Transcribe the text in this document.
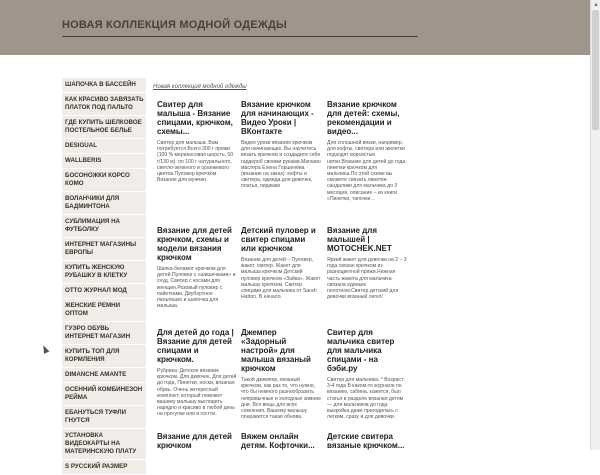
НОВАЯ КОЛЛЕКЦИЯ МОДНОЙ ОДЕЖДЫ
▲
ШАПОЧКА В БАССЕЙН
КАК КРАСИВО ЗАВЯЗАТЬ ПЛАТОК ПОД ПАЛЬТО
ГДЕ КУПИТЬ ШЕЛКОВОЕ ПОСТЕЛЬНОЕ БЕЛЬЕ
DESIGUAL
WALLBERIS
БОСОНОЖКИ КОРСО КОМО
ВОЛАНЧИКИ ДЛЯ БАДМИНТОНА
СУБЛИМАЦИЯ НА ФУТБОЛКУ
ИНТЕРНЕТ МАГАЗИНЫ ЕВРОПЫ
КУПИТЬ ЖЕНСКУЮ РУБАШКУ В КЛЕТКУ
ОТТО ЖУРНАЛ МОД
ЖЕНСКИЕ РЕМНИ ОПТОМ
ГУЭРО ОБУВЬ ИНТЕРНЕТ МАГАЗИН
КУПИТЬ ТОП ДЛЯ КОРМЛЕНИЯ
DIMANCHE AMANTE
ОСЕННИЙ КОМБИНЕЗОН РЕЙМА
ЕБАНУТЬСЯ ТУФЛИ ГНУТСЯ
УСТАНОВКА ВИДЕОКАРТЫ НА МАТЕРИНСКУЮ ПЛАТУ
S РУССКИЙ РАЗМЕР
Новая коллекция модной одежды
Свитер для малыша - Вязание спицами, крючком, схемы...
Свитер для малыша. Вам потребуется Всего 300 г пряжи (100 % мериносовая шерсть, 50 г/130 м): по 100 г натурального, светло-зеленого и оранжевого цветов.Пуловер крючком Вязание для мужчин.
Вязание крючком для начинающих - Видео Уроки | ВКонтакте
Видео уроки вязания крючком для начинающих. Вы научитесь вязать крючком и создадите себе гардероб своими руками.Магазин мастера Елена Горшенёва (вязание на заказ): кофты и свитера, одежда для девочек, платья, пиджаки
Вязание крючком для детей: схемы, рекомендации и видео...
Для сплошной вязки, например, для кофты, свитера или жилетки подходят ворсистые нитки.Вязание для детей до года: пинетки крючком для мальчика.По этой схеме вы сможете связать пинетки-сандалики для мальчика до 3 месяцев, описание – из книги «Пинетки, тапочки...
Вязание для детей крючком, схемы и модели вязания крючком
Шапка-беламот крючком для детей.Пуловер с «шишечками» и снуд. Свитер с косами для женщин.Розовый пуловер с пайетками. Двубортное пальтишко и шапочка для малыша.
Детский пуловер и свитер спицами или крючком
Вязание для детей – Пуловер, жакет, свитер. Жакет для малыша крючком Детский пуловер крючком «Зайка». Жакет малышу крючком. Свитер спицами для мальчика от Sarah Hatton. В начало.
Вязание для малышей | MOTOCHEK.NET
Яркий жакет для девочки на 2 – 3 года связан крючком из разноцветной пряжи.Нежная часть жакета для мальчика связана единым полотном.Свитер детский для девочки вязаный легко!
Для детей до года | Вязание для детей спицами и крючком.
Рубрика: Детское вязание крючком, Для девочек, Для детей до года, Пинетки, носки, вязаная обувь. Очень интересный комплект, который поможет вашему малышу выглядеть нарядно и красиво в любой день на прогулке или в гостях.
Джемпер «Задорный настрой» для малыша вязаный крючком
Такой джемпер, вязаный крючком, как раз то, что нужно, что бы немного разнообразить непривычные и холодные зимние дни. Вся вещь для всех сомнения, Вашему малышу понравится такая обнова.
Свитер для мальчика свитер для мальчика спицами - на бэби.ру
Свитер для мальчика. * Возраст: 3-4 года В каком-то журнале по вязанию, сабина, кажется, был статья в разделе вязаная детям — для мальчиков до года выкройка даже пригодилась с легким, сразу и для девочки.
Вязание для детей крючком
Вяжем онлайн детям. Кофточки...
Детские свитера вязаные крючком...
